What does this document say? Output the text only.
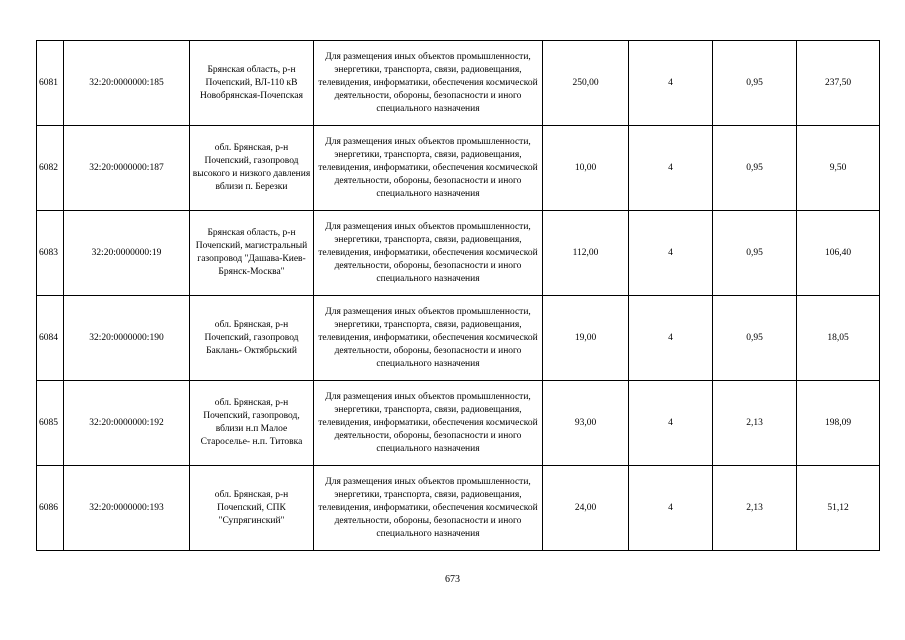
6081	32:20:0000000:185	Брянская область, р-н Почепский, ВЛ-110 кВ Новобрянская-Почепская	Для размещения иных объектов промышленности, энергетики, транспорта, связи, радиовещания, телевидения, информатики, обеспечения космической деятельности, обороны, безопасности и иного специального назначения	250,00	4	0,95	237,50
6082	32:20:0000000:187	обл. Брянская, р-н Почепский, газопровод высокого и низкого давления вблизи п. Березки	Для размещения иных объектов промышленности, энергетики, транспорта, связи, радиовещания, телевидения, информатики, обеспечения космической деятельности, обороны, безопасности и иного специального назначения	10,00	4	0,95	9,50
6083	32:20:0000000:19	Брянская область, р-н Почепский, магистральный газопровод "Дашава-Киев-Брянск-Москва"	Для размещения иных объектов промышленности, энергетики, транспорта, связи, радиовещания, телевидения, информатики, обеспечения космической деятельности, обороны, безопасности и иного специального назначения	112,00	4	0,95	106,40
6084	32:20:0000000:190	обл. Брянская, р-н Почепский, газопровод Баклань- Октябрьский	Для размещения иных объектов промышленности, энергетики, транспорта, связи, радиовещания, телевидения, информатики, обеспечения космической деятельности, обороны, безопасности и иного специального назначения	19,00	4	0,95	18,05
6085	32:20:0000000:192	обл. Брянская, р-н Почепский, газопровод, вблизи н.п Малое Староселье- н.п. Титовка	Для размещения иных объектов промышленности, энергетики, транспорта, связи, радиовещания, телевидения, информатики, обеспечения космической деятельности, обороны, безопасности и иного специального назначения	93,00	4	2,13	198,09
6086	32:20:0000000:193	обл. Брянская, р-н Почепский, СПК "Супрягинский"	Для размещения иных объектов промышленности, энергетики, транспорта, связи, радиовещания, телевидения, информатики, обеспечения космической деятельности, обороны, безопасности и иного специального назначения	24,00	4	2,13	51,12
673
